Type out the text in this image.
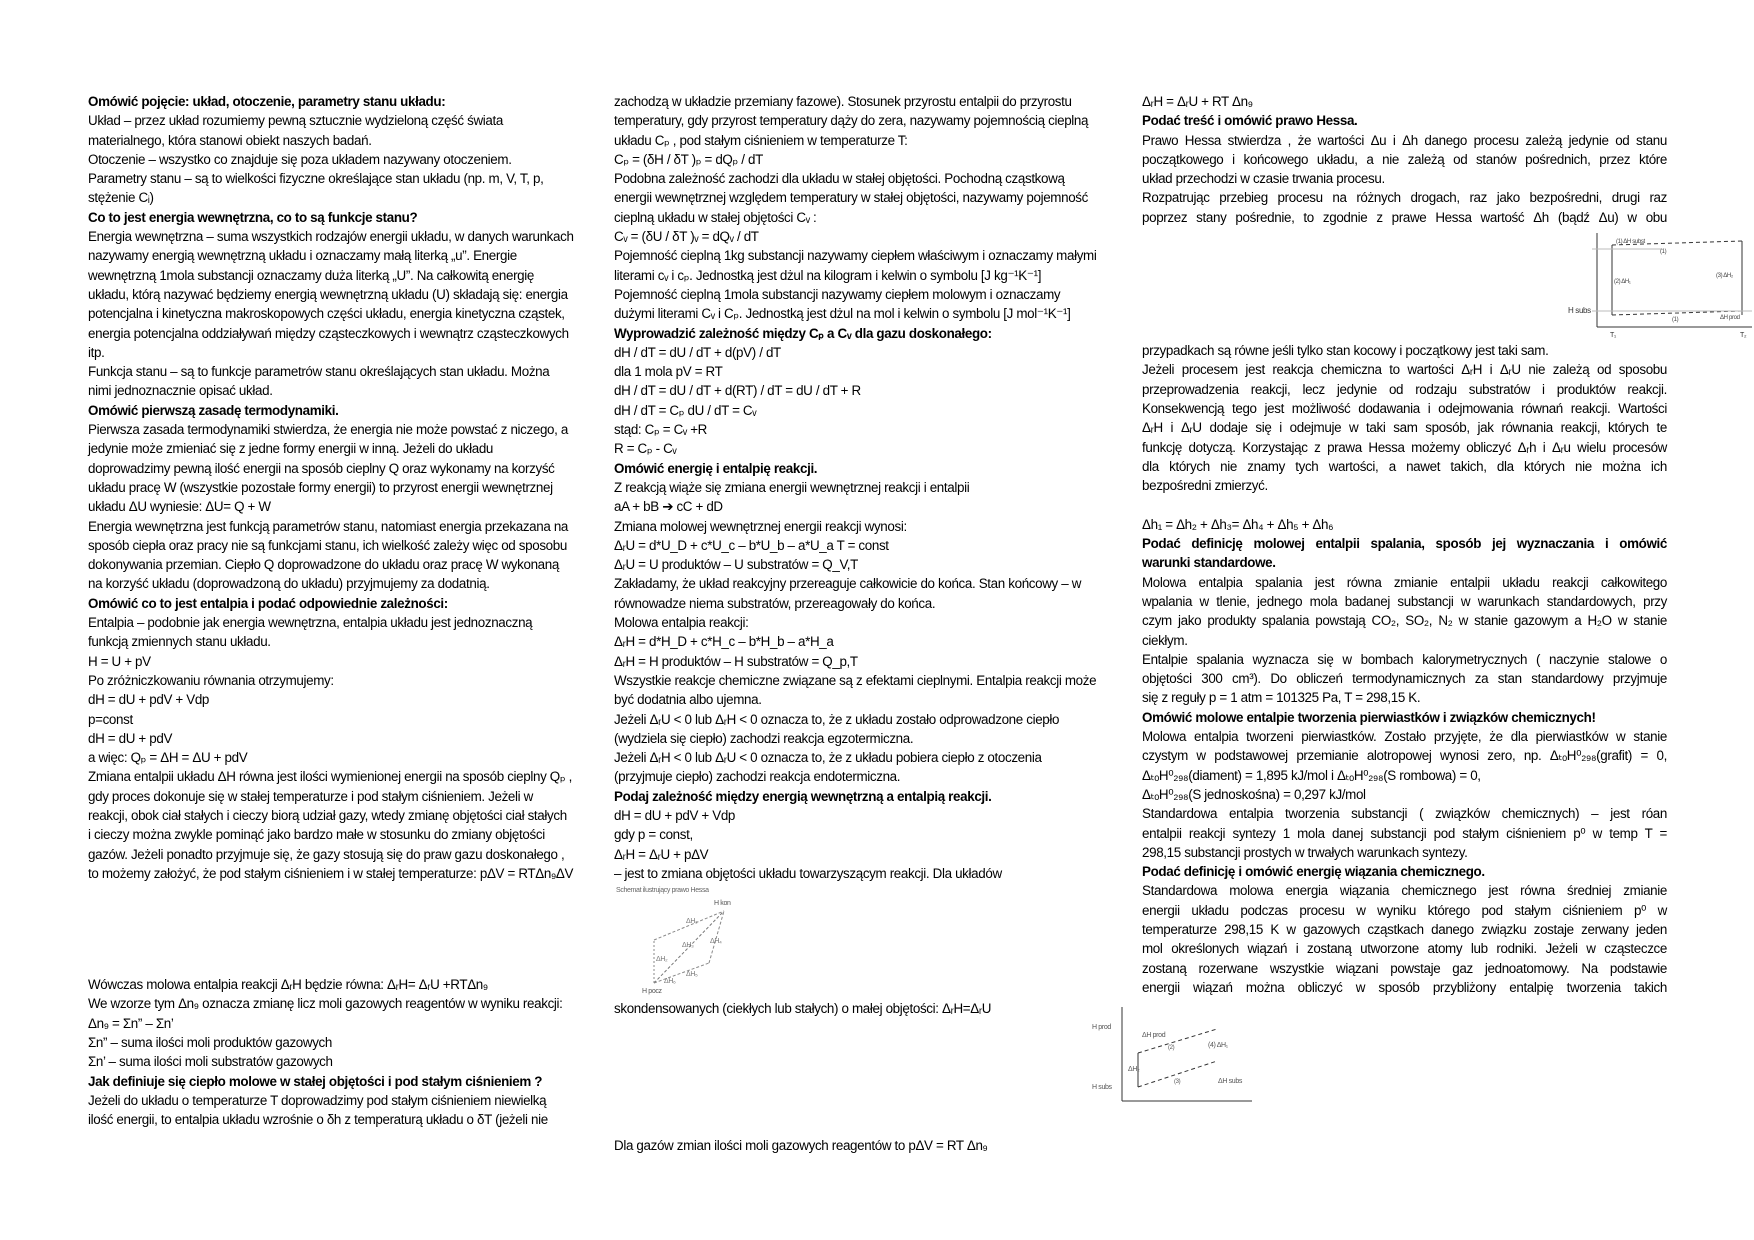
Omówić pojęcie: układ, otoczenie, parametry stanu układu:
Układ – przez układ rozumiemy pewną sztucznie wydzieloną część świata
materialnego, która stanowi obiekt naszych badań.
Otoczenie – wszystko co znajduje się poza układem nazywany otoczeniem.
Parametry stanu – są to wielkości fizyczne określające stan układu (np. m, V, T, p,
stężenie Cᵢ)
Co to jest energia wewnętrzna, co to są funkcje stanu?
Energia wewnętrzna – suma wszystkich rodzajów energii układu, w danych warunkach
nazywamy energią wewnętrzną układu i oznaczamy małą literką „u”. Energie
wewnętrzną 1mola substancji oznaczamy duża literką „U”. Na całkowitą energię
układu, którą nazywać będziemy energią wewnętrzną układu (U) składają się: energia
potencjalna i kinetyczna makroskopowych części układu, energia kinetyczna cząstek,
energia potencjalna oddziaływań między cząsteczkowych i wewnątrz cząsteczkowych
itp.
Funkcja stanu – są to funkcje parametrów stanu określających stan układu. Można
nimi jednoznacznie opisać układ.
Omówić pierwszą zasadę termodynamiki.
Pierwsza zasada termodynamiki stwierdza, że energia nie może powstać z niczego, a
jedynie może zmieniać się z jedne formy energii w inną. Jeżeli do układu
doprowadzimy pewną ilość energii na sposób cieplny Q oraz wykonamy na korzyść
układu pracę W (wszystkie pozostałe formy energii) to przyrost energii wewnętrznej
układu ΔU wyniesie: ΔU= Q + W
Energia wewnętrzna jest funkcją parametrów stanu, natomiast energia przekazana na
sposób ciepła oraz pracy nie są funkcjami stanu, ich wielkość zależy więc od sposobu
dokonywania przemian. Ciepło Q doprowadzone do układu oraz pracę W wykonaną
na korzyść układu (doprowadzoną do układu) przyjmujemy za dodatnią.
Omówić co to jest entalpia i podać odpowiednie zależności:
Entalpia – podobnie jak energia wewnętrzna, entalpia układu jest jednoznaczną
funkcją zmiennych stanu układu.
H = U + pV
Po zróżniczkowaniu równania otrzymujemy:
dH = dU + pdV + Vdp
p=const
dH = dU + pdV
a więc: Qₚ = ΔH = ΔU + pdV
Zmiana entalpii układu ΔH równa jest ilości wymienionej energii na sposób cieplny Qₚ ,
gdy proces dokonuje się w stałej temperaturze i pod stałym ciśnieniem. Jeżeli w
reakcji, obok ciał stałych i cieczy biorą udział gazy, wtedy zmianę objętości ciał stałych
i cieczy można zwykle pominąć jako bardzo małe w stosunku do zmiany objętości
gazów. Jeżeli ponadto przyjmuje się, że gazy stosują się do praw gazu doskonałego ,
to możemy założyć, że pod stałym ciśnieniem i w stałej temperaturze: pΔV = RTΔn₉ΔV
Wówczas molowa entalpia reakcji ΔᵣH będzie równa: ΔᵣH= ΔᵣU +RTΔn₉
We wzorze tym Δn₉ oznacza zmianę licz moli gazowych reagentów w wyniku reakcji:
Δn₉ = Σn” – Σn’
Σn” – suma ilości moli produktów gazowych
Σn’ – suma ilości moli substratów gazowych
Jak definiuje się ciepło molowe w stałej objętości i pod stałym ciśnieniem ?
Jeżeli do układu o temperaturze T doprowadzimy pod stałym ciśnieniem niewielką
ilość energii, to entalpia układu wzrośnie o δh z temperaturą układu o δT (jeżeli nie
zachodzą w układzie przemiany fazowe). Stosunek przyrostu entalpii do przyrostu
temperatury, gdy przyrost temperatury dąży do zera, nazywamy pojemnością cieplną
układu Cₚ , pod stałym ciśnieniem w temperaturze T:
Cₚ = (δH / δT )ₚ = dQₚ / dT
Podobna zależność zachodzi dla układu w stałej objętości. Pochodną cząstkową
energii wewnętrznej względem temperatury w stałej objętości, nazywamy pojemność
cieplną układu w stałej objętości Cᵥ :
Cᵥ = (δU / δT )ᵥ = dQᵥ / dT
Pojemność cieplną 1kg substancji nazywamy ciepłem właściwym i oznaczamy małymi
literami cᵥ i cₚ. Jednostką jest dżul na kilogram i kelwin o symbolu [J kg⁻¹K⁻¹]
Pojemność cieplną 1mola substancji nazywamy ciepłem molowym i oznaczamy
dużymi literami Cᵥ i Cₚ. Jednostką jest dżul na mol i kelwin o symbolu [J mol⁻¹K⁻¹]
Wyprowadzić zależność między Cₚ a Cᵥ dla gazu doskonałego:
dH / dT = dU / dT + d(pV) / dT
dla 1 mola pV = RT
dH / dT = dU / dT + d(RT) / dT = dU / dT + R
dH / dT = Cₚ dU / dT = Cᵥ
stąd: Cₚ = Cᵥ +R
R = Cₚ - Cᵥ
Omówić energię i entalpię reakcji.
Z reakcją wiąże się zmiana energii wewnętrznej reakcji i entalpii
aA + bB ➔ cC + dD
Zmiana molowej wewnętrznej energii reakcji wynosi:
ΔᵣU = d*U_D + c*U_c – b*U_b – a*U_a T = const
ΔᵣU = U produktów – U substratów = Q_V,T
Zakładamy, że układ reakcyjny przereaguje całkowicie do końca. Stan końcowy – w
równowadze niema substratów, przereagowały do końca.
Molowa entalpia reakcji:
ΔᵣH = d*H_D + c*H_c – b*H_b – a*H_a
ΔᵣH = H produktów – H substratów = Q_p,T
Wszystkie reakcje chemiczne związane są z efektami cieplnymi. Entalpia reakcji może
być dodatnia albo ujemna.
Jeżeli ΔᵣU < 0 lub ΔᵣH < 0 oznacza to, że z układu zostało odprowadzone ciepło
(wydziela się ciepło) zachodzi reakcja egzotermiczna.
Jeżeli ΔᵣH < 0 lub ΔᵣU < 0 oznacza to, że z układu pobiera ciepło z otoczenia
(przyjmuje ciepło) zachodzi reakcja endotermiczna.
Podaj zależność między energią wewnętrzną a entalpią reakcji.
dH = dU + pdV + Vdp
gdy p = const,
ΔᵣH = ΔᵣU + pΔV
– jest to zmiana objętości układu towarzyszącym reakcji. Dla układów
Schemat ilustrujący prawo Hessa
H kon
H pocz
ΔH₁
ΔH₂
ΔH₃
ΔH₄
ΔH₅
ΔH₆
skondensowanych (ciekłych lub stałych) o małej objętości: ΔᵣH=ΔᵣU
Dla gazów zmian ilości moli gazowych reagentów to pΔV = RT Δn₉
ΔᵣH = ΔᵣU + RT Δn₉
Podać treść i omówić prawo Hessa.
Prawo Hessa stwierdza , że wartości Δu i Δh danego procesu zależą jedynie od stanu
początkowego i końcowego układu, a nie zależą od stanów pośrednich, przez które
układ przechodzi w czasie trwania procesu.
Rozpatrując przebieg procesu na różnych drogach, raz jako bezpośredni, drugi raz
poprzez stany pośrednie, to zgodnie z prawe Hessa wartość Δh (bądź Δu) w obu
H subs
T₁	T₂
(1) ΔH subst
(1)
(2) ΔH₁
(3) ΔH₂
(1)	ΔH prod
przypadkach są równe jeśli tylko stan kocowy i początkowy jest taki sam.
Jeżeli procesem jest reakcja chemiczna to wartości ΔᵣH i ΔᵣU nie zależą od sposobu
przeprowadzenia reakcji, lecz jedynie od rodzaju substratów i produktów reakcji.
Konsekwencją tego jest możliwość dodawania i odejmowania równań reakcji. Wartości
ΔᵣH i ΔᵣU dodaje się i odejmuje w taki sam sposób, jak równania reakcji, których te
funkcję dotyczą. Korzystając z prawa Hessa możemy obliczyć Δᵣh i Δᵣu wielu procesów
dla których nie znamy tych wartości, a nawet takich, dla których nie można ich
bezpośredni zmierzyć.
Δh₁ = Δh₂ + Δh₃= Δh₄ + Δh₅ + Δh₆
Podać definicję molowej entalpii spalania, sposób jej wyznaczania i omówić
warunki standardowe.
Molowa entalpia spalania jest równa zmianie entalpii układu reakcji całkowitego
wpalania w tlenie, jednego mola badanej substancji w warunkach standardowych, przy
czym jako produkty spalania powstają CO₂, SO₂, N₂ w stanie gazowym a H₂O w stanie
ciekłym.
Entalpie spalania wyznacza się w bombach kalorymetrycznych ( naczynie stalowe o
objętości 300 cm³). Do obliczeń termodynamicznych za stan standardowy przyjmuje
się z reguły p = 1 atm = 101325 Pa, T = 298,15 K.
Omówić molowe entalpie tworzenia pierwiastków i związków chemicznych!
Molowa entalpia tworzeni pierwiastków. Zostało przyjęte, że dla pierwiastków w stanie
czystym w podstawowej przemianie alotropowej wynosi zero, np. ΔₜₒH⁰₂₉₈(grafit) = 0,
ΔₜₒH⁰₂₉₈(diament) = 1,895 kJ/mol i ΔₜₒH⁰₂₉₈(S rombowa) = 0,
ΔₜₒH⁰₂₉₈(S jednoskośna) = 0,297 kJ/mol
Standardowa entalpia tworzenia substancji ( związków chemicznych) – jest róan
entalpii reakcji syntezy 1 mola danej substancji pod stałym ciśnieniem p⁰ w temp T =
298,15 substancji prostych w trwałych warunkach syntezy.
Podać definicję i omówić energię wiązania chemicznego.
Standardowa molowa energia wiązania chemicznego jest równa średniej zmianie
energii układu podczas procesu w wyniku którego pod stałym ciśnieniem p⁰ w
temperaturze 298,15 K w gazowych cząstkach danego związku zostaje zerwany jeden
mol określonych wiązań i zostaną utworzone atomy lub rodniki. Jeżeli w cząsteczce
zostaną rozerwane wszystkie wiązani powstaje gaz jednoatomowy. Na podstawie
energii wiązań można obliczyć w sposób przybliżony entalpię tworzenia takich
H prod
H subs
ΔH prod
(2)	(4) ΔH₁
ΔH₂
(3)	ΔH subs
